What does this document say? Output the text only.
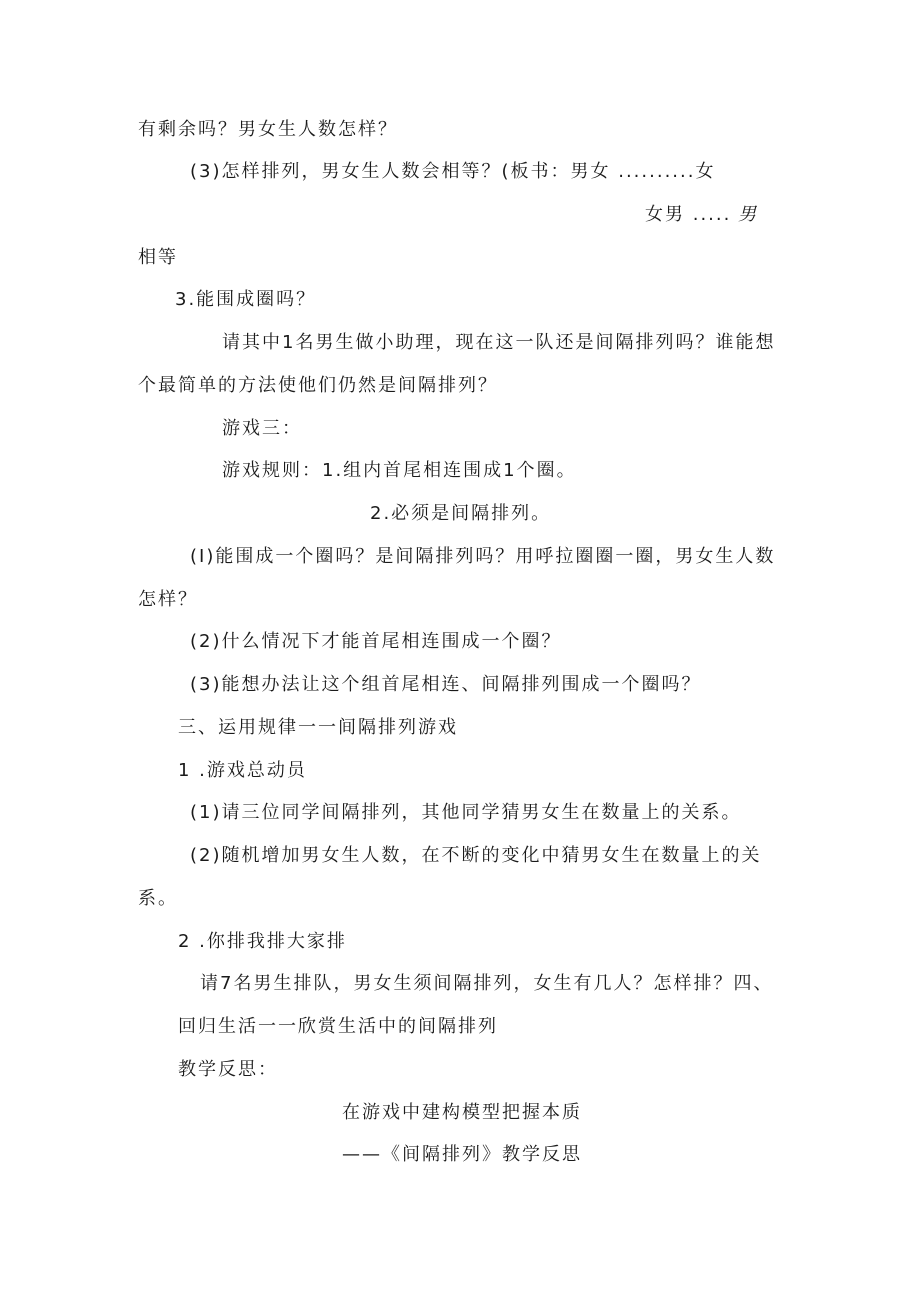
有剩余吗？男女生人数怎样？
(3)怎样排列，男女生人数会相等？(板书：男女 ..........女
女男 ..... 男
相等
3.能围成圈吗？
请其中1名男生做小助理，现在这一队还是间隔排列吗？谁能想
个最简单的方法使他们仍然是间隔排列？
游戏三：
游戏规则：1.组内首尾相连围成1个圈。
2.必须是间隔排列。
(I)能围成一个圈吗？是间隔排列吗？用呼拉圈圈一圈，男女生人数
怎样？
(2)什么情况下才能首尾相连围成一个圈？
(3)能想办法让这个组首尾相连、间隔排列围成一个圈吗？
三、运用规律一一间隔排列游戏
1 .游戏总动员
(1)请三位同学间隔排列，其他同学猜男女生在数量上的关系。
(2)随机增加男女生人数，在不断的变化中猜男女生在数量上的关
系。
2 .你排我排大家排
请7名男生排队，男女生须间隔排列，女生有几人？怎样排？四、
回归生活一一欣赏生活中的间隔排列
教学反思：
在游戏中建构模型把握本质
——《间隔排列》教学反思
